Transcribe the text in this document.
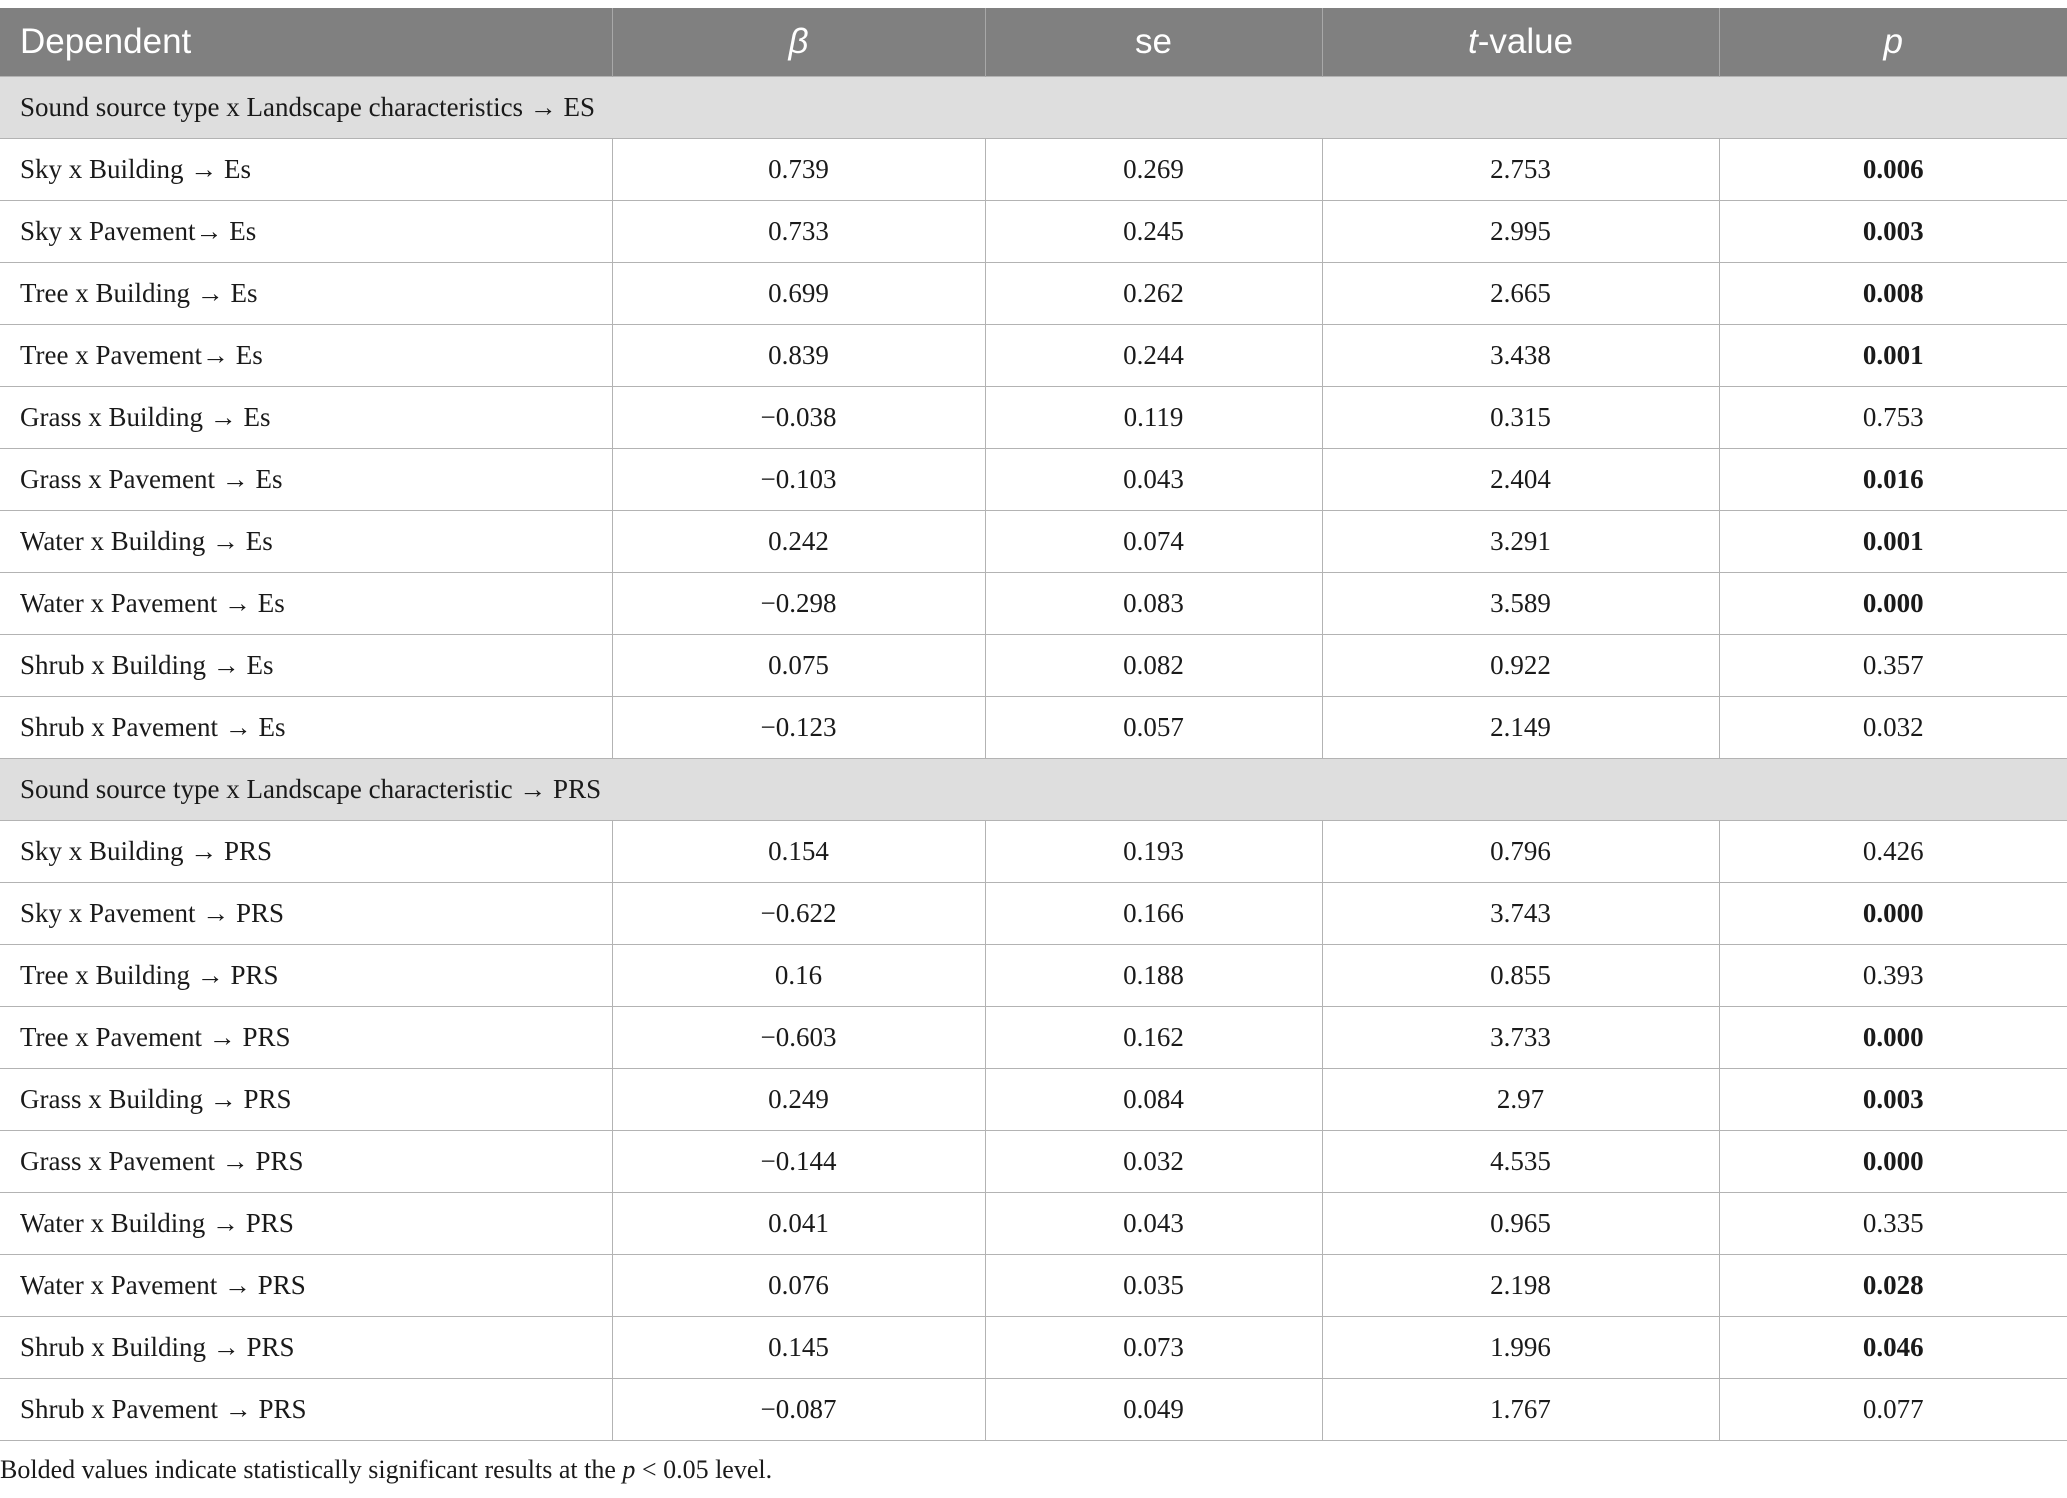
Dependent	β	se	t-value	p
Sound source type x Landscape characteristics → ES				
Sky x Building → Es	0.739	0.269	2.753	0.006
Sky x Pavement→ Es	0.733	0.245	2.995	0.003
Tree x Building → Es	0.699	0.262	2.665	0.008
Tree x Pavement→ Es	0.839	0.244	3.438	0.001
Grass x Building → Es	−0.038	0.119	0.315	0.753
Grass x Pavement → Es	−0.103	0.043	2.404	0.016
Water x Building → Es	0.242	0.074	3.291	0.001
Water x Pavement → Es	−0.298	0.083	3.589	0.000
Shrub x Building → Es	0.075	0.082	0.922	0.357
Shrub x Pavement → Es	−0.123	0.057	2.149	0.032
Sound source type x Landscape characteristic → PRS				
Sky x Building → PRS	0.154	0.193	0.796	0.426
Sky x Pavement → PRS	−0.622	0.166	3.743	0.000
Tree x Building → PRS	0.16	0.188	0.855	0.393
Tree x Pavement → PRS	−0.603	0.162	3.733	0.000
Grass x Building → PRS	0.249	0.084	2.97	0.003
Grass x Pavement → PRS	−0.144	0.032	4.535	0.000
Water x Building → PRS	0.041	0.043	0.965	0.335
Water x Pavement → PRS	0.076	0.035	2.198	0.028
Shrub x Building → PRS	0.145	0.073	1.996	0.046
Shrub x Pavement → PRS	−0.087	0.049	1.767	0.077
Bolded values indicate statistically significant results at the p < 0.05 level.
